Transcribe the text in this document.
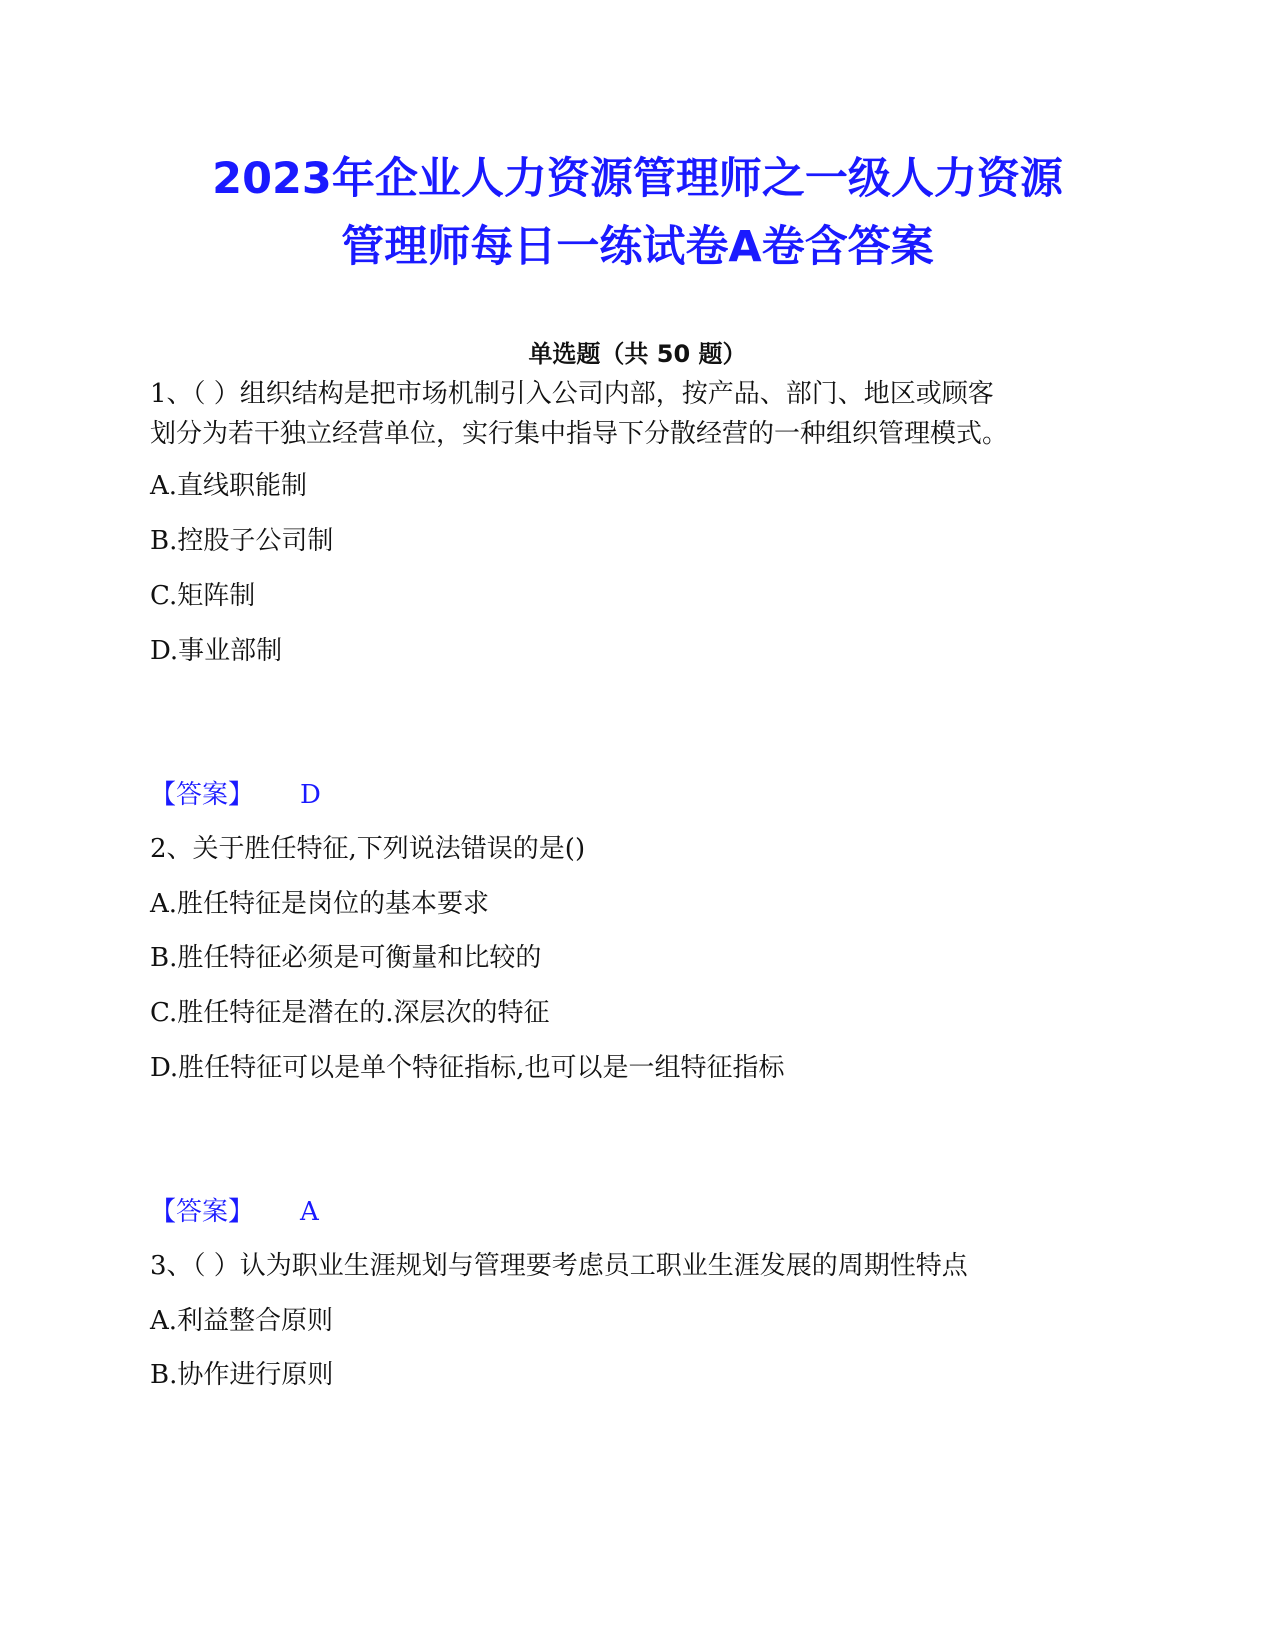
2023年企业人力资源管理师之一级人力资源
管理师每日一练试卷A卷含答案
单选题（共 50 题）
1、（ ）组织结构是把市场机制引入公司内部，按产品、部门、地区或顾客
划分为若干独立经营单位，实行集中指导下分散经营的一种组织管理模式。
A.直线职能制
B.控股子公司制
C.矩阵制
D.事业部制
【答案】 D
2、关于胜任特征,下列说法错误的是()
A.胜任特征是岗位的基本要求
B.胜任特征必须是可衡量和比较的
C.胜任特征是潜在的.深层次的特征
D.胜任特征可以是单个特征指标,也可以是一组特征指标
【答案】 A
3、（ ）认为职业生涯规划与管理要考虑员工职业生涯发展的周期性特点
A.利益整合原则
B.协作进行原则
